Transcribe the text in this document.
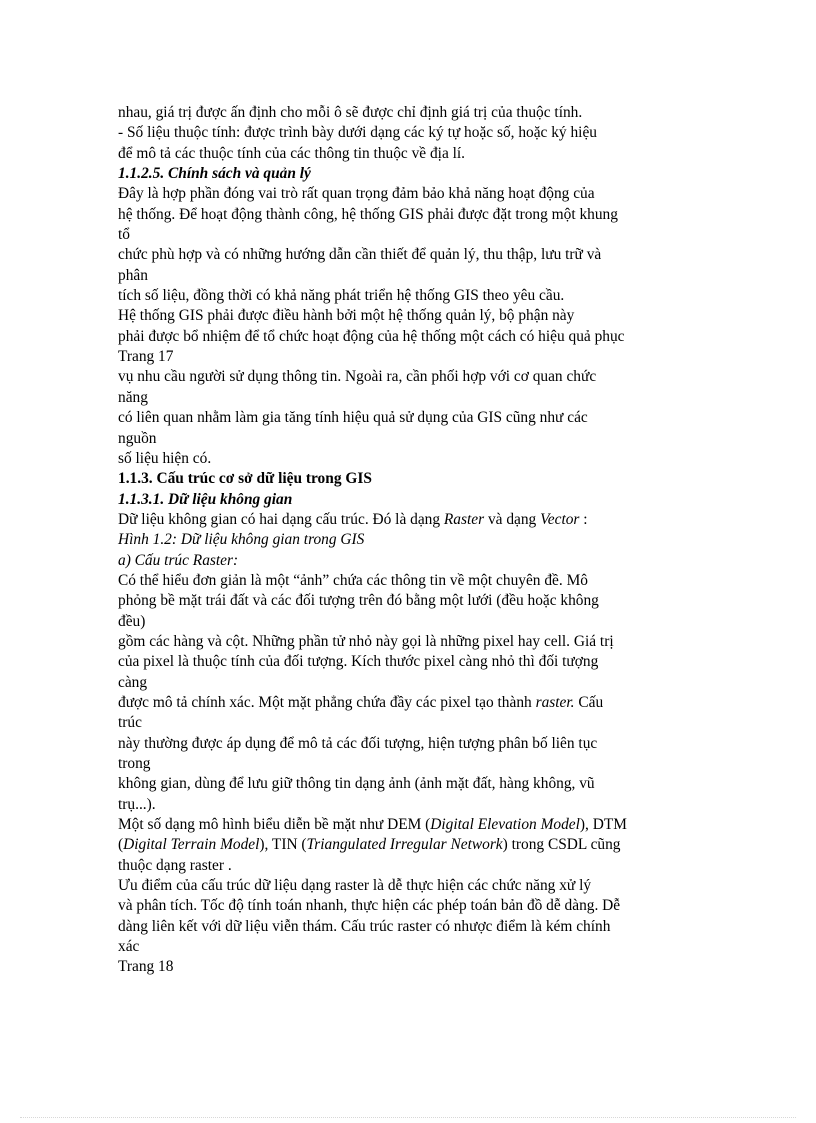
nhau, giá trị được ấn định cho mỗi ô sẽ được chỉ định giá trị của thuộc tính.
- Số liệu thuộc tính: được trình bày dưới dạng các ký tự hoặc số, hoặc ký hiệu
để mô tả các thuộc tính của các thông tin thuộc về địa lí.
1.1.2.5. Chính sách và quản lý
Đây là hợp phần đóng vai trò rất quan trọng đảm bảo khả năng hoạt động của
hệ thống. Để hoạt động thành công, hệ thống GIS phải được đặt trong một khung
tổ
chức phù hợp và có những hướng dẫn cần thiết để quản lý, thu thập, lưu trữ và
phân
tích số liệu, đồng thời có khả năng phát triển hệ thống GIS theo yêu cầu.
Hệ thống GIS phải được điều hành bởi một hệ thống quản lý, bộ phận này
phải được bổ nhiệm để tổ chức hoạt động của hệ thống một cách có hiệu quả phục
Trang 17
vụ nhu cầu người sử dụng thông tin. Ngoài ra, cần phối hợp với cơ quan chức
năng
có liên quan nhằm làm gia tăng tính hiệu quả sử dụng của GIS cũng như các
nguồn
số liệu hiện có.
1.1.3. Cấu trúc cơ sở dữ liệu trong GIS
1.1.3.1. Dữ liệu không gian
Dữ liệu không gian có hai dạng cấu trúc. Đó là dạng Raster và dạng Vector :
Hình 1.2: Dữ liệu không gian trong GIS
a) Cấu trúc Raster:
Có thể hiểu đơn giản là một “ảnh” chứa các thông tin về một chuyên đề. Mô
phỏng bề mặt trái đất và các đối tượng trên đó bằng một lưới (đều hoặc không
đều)
gồm các hàng và cột. Những phần tử nhỏ này gọi là những pixel hay cell. Giá trị
của pixel là thuộc tính của đối tượng. Kích thước pixel càng nhỏ thì đối tượng
càng
được mô tả chính xác. Một mặt phẳng chứa đầy các pixel tạo thành raster. Cấu
trúc
này thường được áp dụng để mô tả các đối tượng, hiện tượng phân bố liên tục
trong
không gian, dùng để lưu giữ thông tin dạng ảnh (ảnh mặt đất, hàng không, vũ
trụ...).
Một số dạng mô hình biểu diễn bề mặt như DEM (Digital Elevation Model), DTM
(Digital Terrain Model), TIN (Triangulated Irregular Network) trong CSDL cũng
thuộc dạng raster .
Ưu điểm của cấu trúc dữ liệu dạng raster là dễ thực hiện các chức năng xử lý
và phân tích. Tốc độ tính toán nhanh, thực hiện các phép toán bản đồ dễ dàng. Dễ
dàng liên kết với dữ liệu viễn thám. Cấu trúc raster có nhược điểm là kém chính
xác
Trang 18
